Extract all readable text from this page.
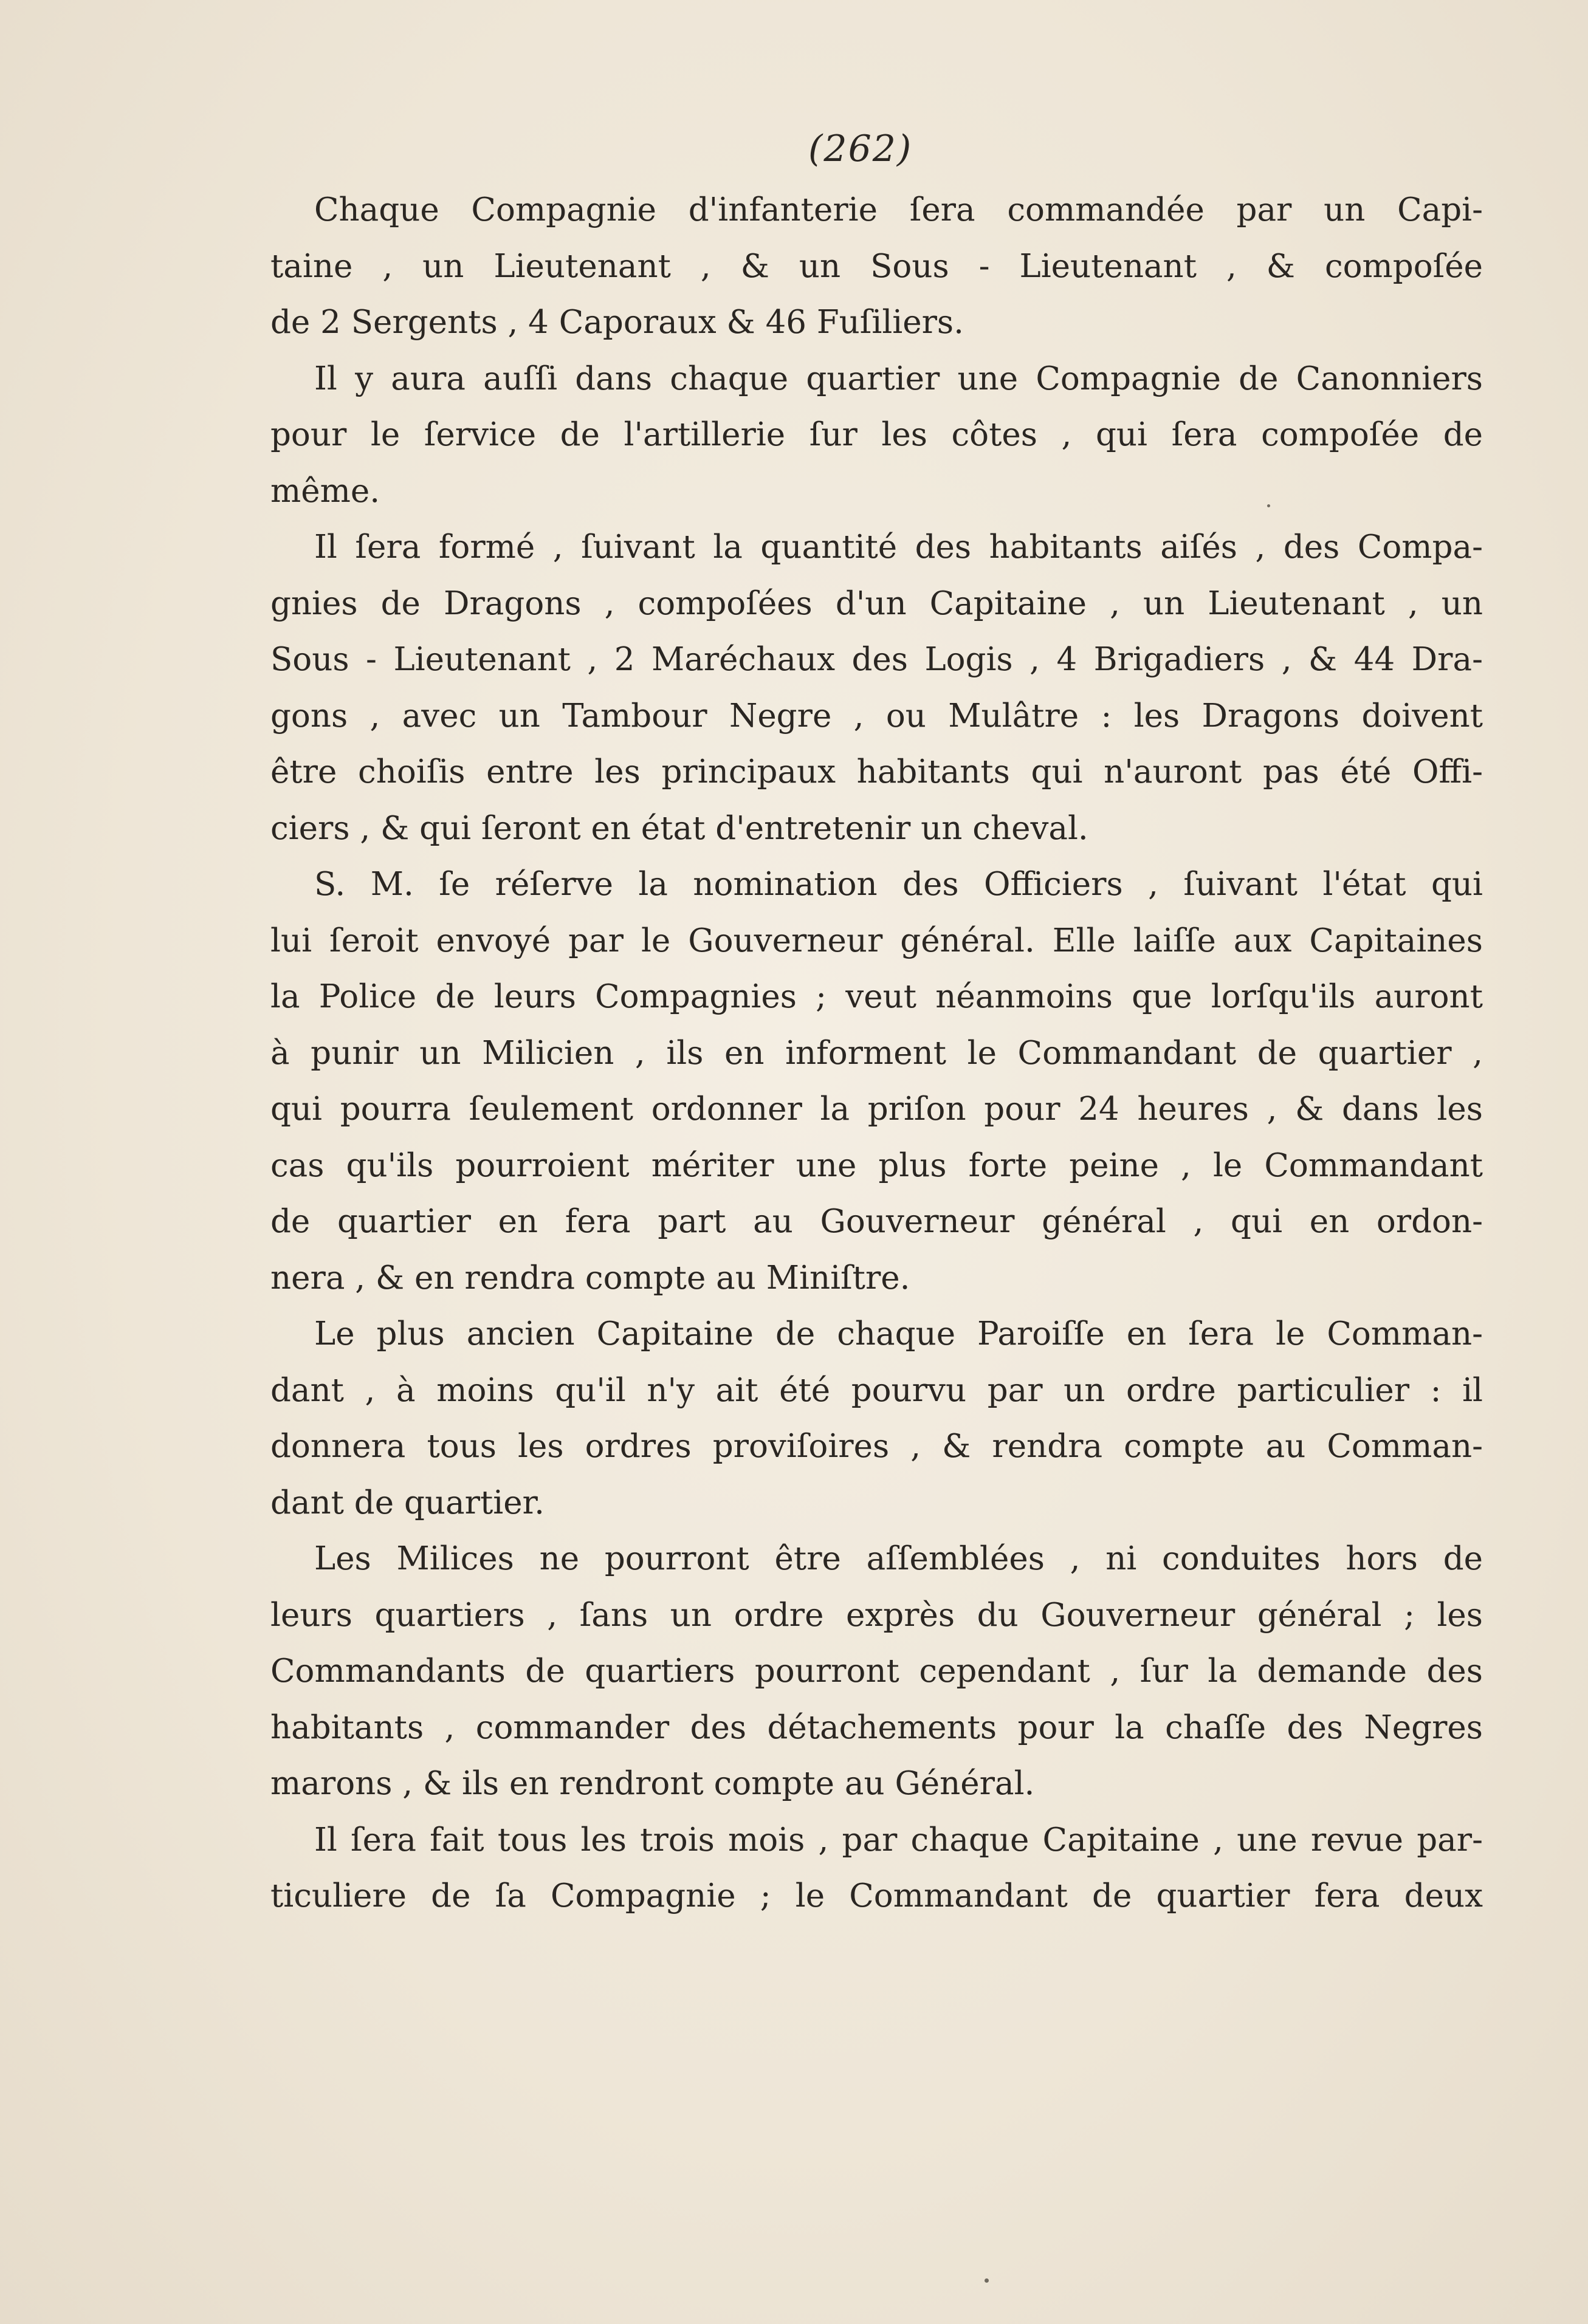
(262)
Chaque Compagnie d'infanterie ſera commandée par un Capi-
taine , un Lieutenant , & un Sous - Lieutenant , & compoſée
de 2 Sergents , 4 Caporaux & 46 Fuſiliers.
Il y aura auſſi dans chaque quartier une Compagnie de Canonniers
pour le ſervice de l'artillerie ſur les côtes , qui ſera compoſée de
même.
Il ſera formé , ſuivant la quantité des habitants aiſés , des Compa-
gnies de Dragons , compoſées d'un Capitaine , un Lieutenant , un
Sous - Lieutenant , 2 Maréchaux des Logis , 4 Brigadiers , & 44 Dra-
gons , avec un Tambour Negre , ou Mulâtre : les Dragons doivent
être choiſis entre les principaux habitants qui n'auront pas été Offi-
ciers , & qui ſeront en état d'entretenir un cheval.
S. M. ſe réſerve la nomination des Officiers , ſuivant l'état qui
lui ſeroit envoyé par le Gouverneur général. Elle laiſſe aux Capitaines
la Police de leurs Compagnies ; veut néanmoins que lorſqu'ils auront
à punir un Milicien , ils en informent le Commandant de quartier ,
qui pourra ſeulement ordonner la priſon pour 24 heures , & dans les
cas qu'ils pourroient mériter une plus forte peine , le Commandant
de quartier en fera part au Gouverneur général , qui en ordon-
nera , & en rendra compte au Miniſtre.
Le plus ancien Capitaine de chaque Paroiſſe en ſera le Comman-
dant , à moins qu'il n'y ait été pourvu par un ordre particulier : il
donnera tous les ordres proviſoires , & rendra compte au Comman-
dant de quartier.
Les Milices ne pourront être aſſemblées , ni conduites hors de
leurs quartiers , ſans un ordre exprès du Gouverneur général ; les
Commandants de quartiers pourront cependant , ſur la demande des
habitants , commander des détachements pour la chaſſe des Negres
marons , & ils en rendront compte au Général.
Il ſera fait tous les trois mois , par chaque Capitaine , une revue par-
ticuliere de ſa Compagnie ; le Commandant de quartier fera deux
